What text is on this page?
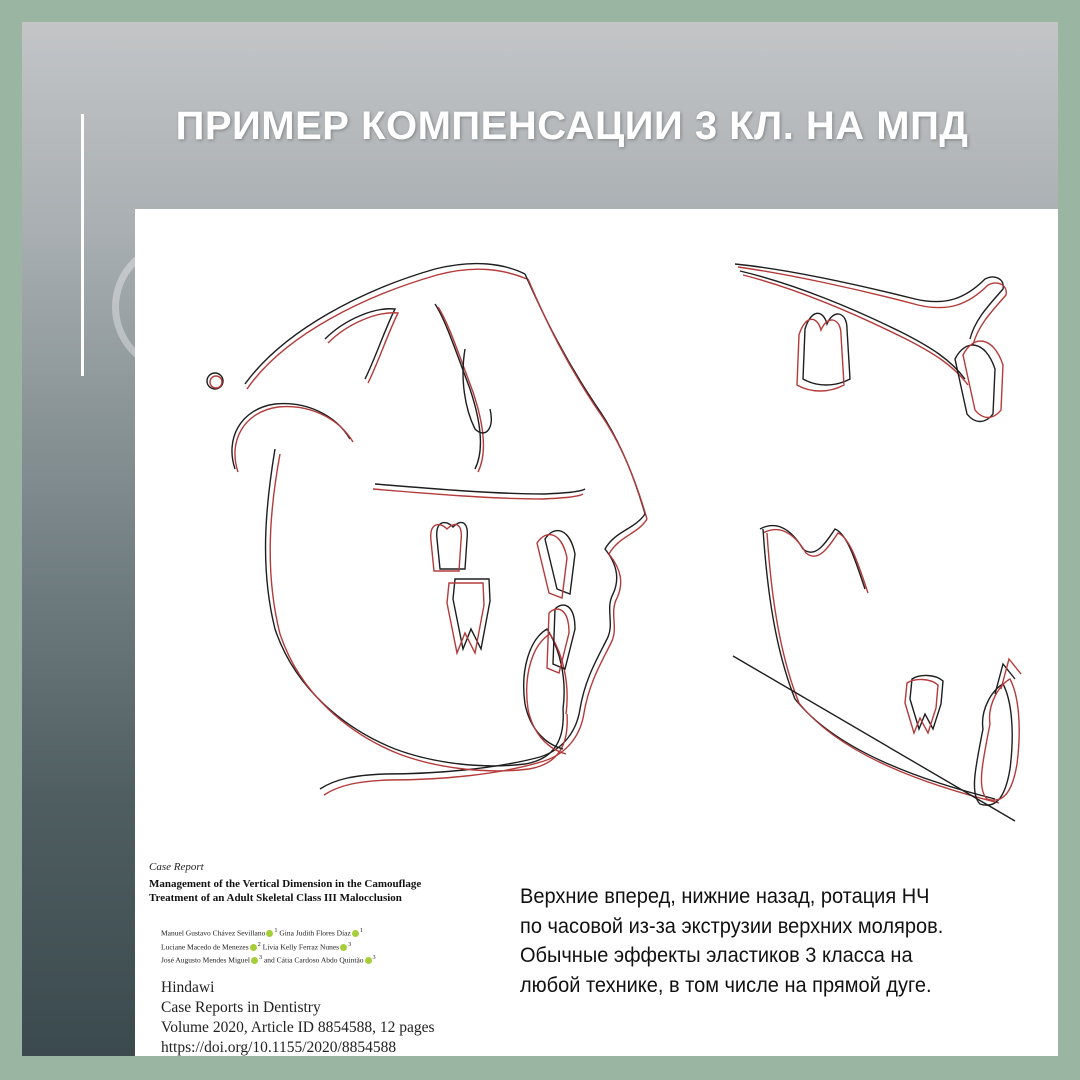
ПРИМЕР КОМПЕНСАЦИИ 3 КЛ. НА МПД
Case Report
Management of the Vertical Dimension in the Camouflage Treatment of an Adult Skeletal Class III Malocclusion
Manuel Gustavo Chávez Sevillano $^1$ Gina Judith Flores Díaz $^1$
Luciane Macedo de Menezes $^2$ Lívia Kelly Ferraz Nunes $^3$
José Augusto Mendes Miguel $^3$ and Cátia Cardoso Abdo Quintão $^3$
Hindawi
Case Reports in Dentistry
Volume 2020, Article ID 8854588, 12 pages
https://doi.org/10.1155/2020/8854588
Верхние вперед, нижние назад, ротация НЧ
по часовой из-за экструзии верхних моляров.
Обычные эффекты эластиков 3 класса на
любой технике, в том числе на прямой дуге.
